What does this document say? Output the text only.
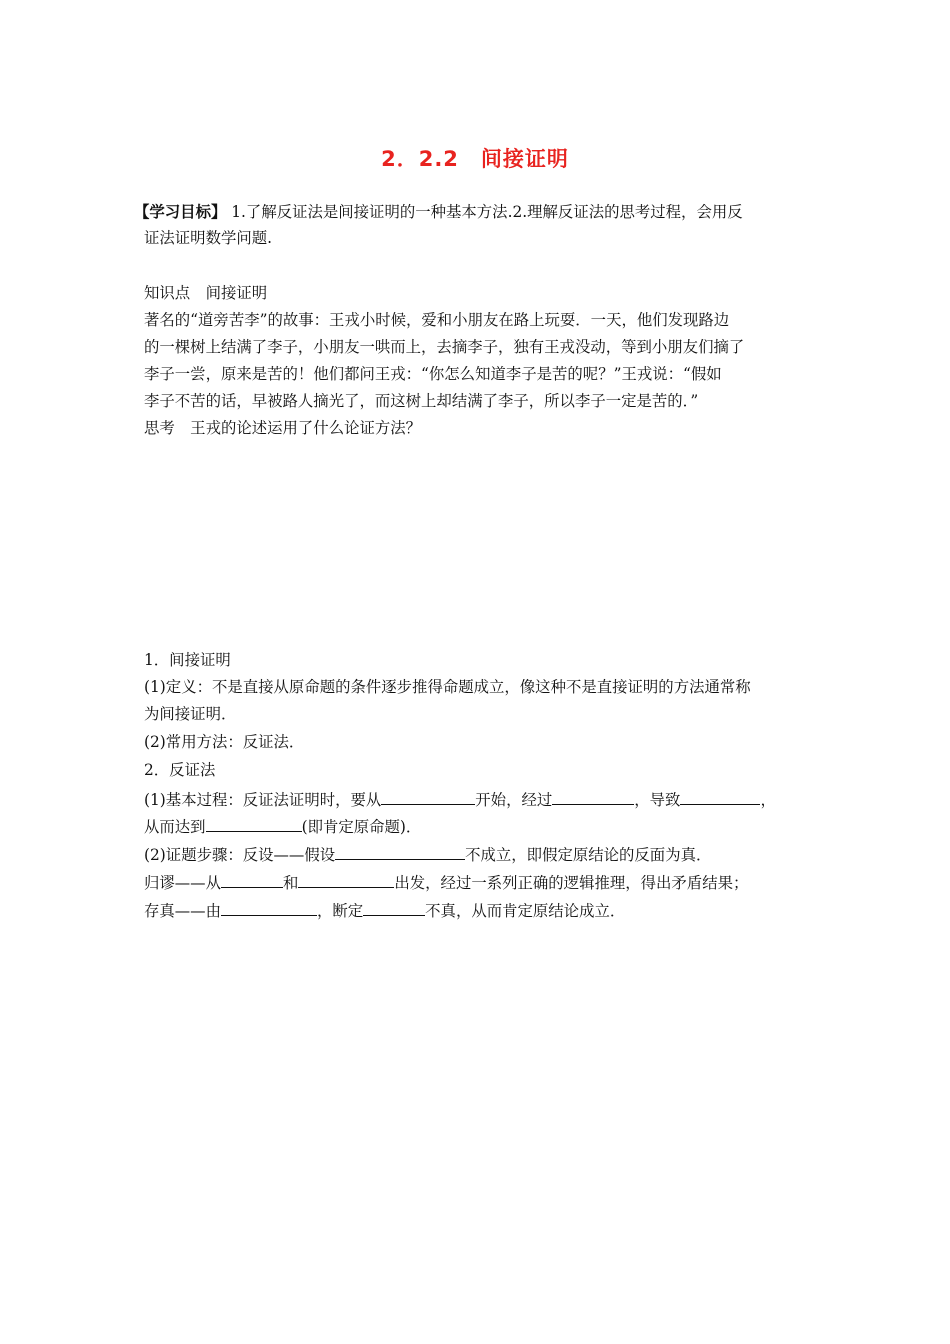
2．2.2　间接证明
【学习目标】 1.了解反证法是间接证明的一种基本方法.2.理解反证法的思考过程，会用反
证法证明数学问题.
知识点　间接证明
著名的“道旁苦李”的故事：王戎小时候，爱和小朋友在路上玩耍．一天，他们发现路边
的一棵树上结满了李子，小朋友一哄而上，去摘李子，独有王戎没动，等到小朋友们摘了
李子一尝，原来是苦的！他们都问王戎：“你怎么知道李子是苦的呢？”王戎说：“假如
李子不苦的话，早被路人摘光了，而这树上却结满了李子，所以李子一定是苦的．”
思考　王戎的论述运用了什么论证方法？
1．间接证明
(1)定义：不是直接从原命题的条件逐步推得命题成立，像这种不是直接证明的方法通常称
为间接证明．
(2)常用方法：反证法．
2．反证法
(1)基本过程：反证法证明时，要从	开始，经过	，导致	，
从而达到	(即肯定原命题)．
(2)证题步骤：反设——假设	不成立，即假定原结论的反面为真．
归谬——从	和	出发，经过一系列正确的逻辑推理，得出矛盾结果；
存真——由	，断定	不真，从而肯定原结论成立．
